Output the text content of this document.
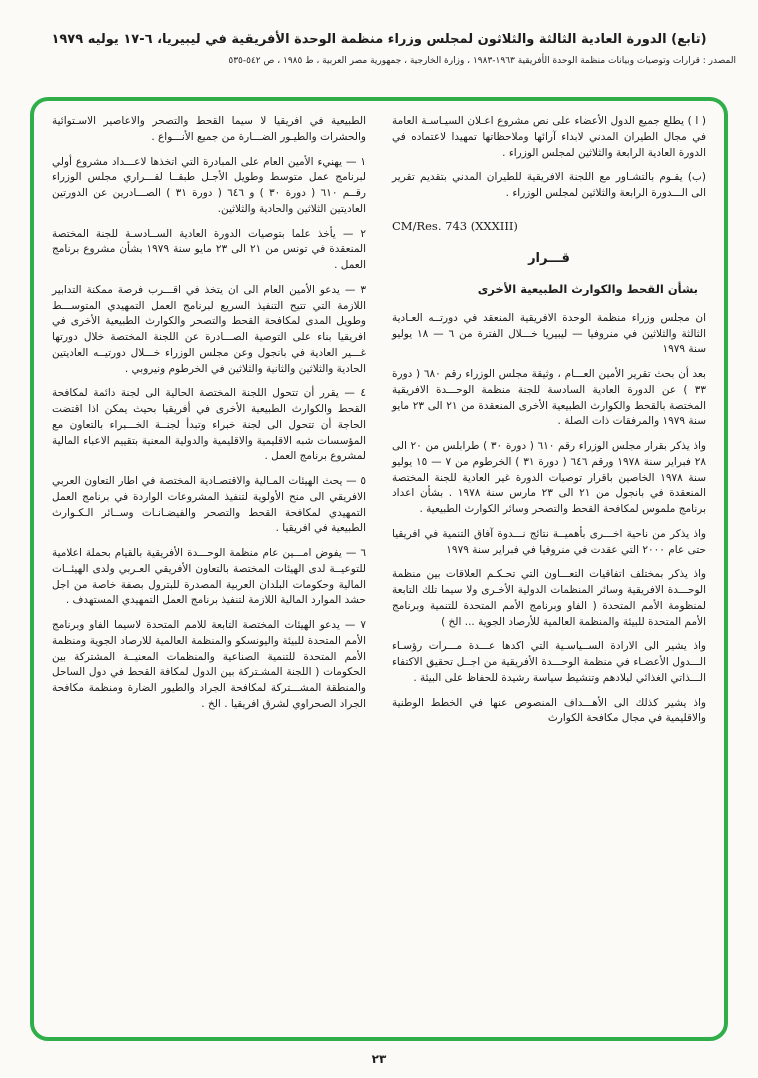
(تابع) الدورة العادية الثالثة والثلاثون لمجلس وزراء منظمة الوحدة الأفريقية في ليبيريا، ٦-١٧ يوليه ١٩٧٩
المصدر : قرارات وتوصيات وبيانات منظمة الوحدة الأفريقية ١٩٦٣-١٩٨٣ ، وزارة الخارجية ، جمهورية مصر العربية ، ط ١٩٨٥ ، ص ٥٤٢-٥٣٥

( ا ) يطلع جميع الدول الأعضاء على نص مشروع اعـلان السيـاسـة العامة في مجال الطيران المدني لابداء آرائها وملاحظاتها تمهيدا لاعتماده في الدورة العادية الرابعة والثلاثين لمجلس الوزراء .

(ب) يقـوم بالتشـاور مع اللجنة الافريقية للطيران المدني بتقديم تقرير الى الـــدورة الرابعة والثلاثين لمجلس الوزراء .

CM/Res. 743 (XXXIII)

قـــرار
بشأن القحط والكوارث الطبيعية الأخرى

ان مجلس وزراء منظمة الوحدة الافريقية المنعقد في دورتــه العـادية الثالثة والثلاثين في منروفيا — ليبيريا خـــلال الفترة من ٦ — ١٨ يوليو سنة ١٩٧٩

بعد أن بحث تقرير الأمين العـــام ، وثيقة مجلس الوزراء رقم ٦٨٠ ( دورة ٣٣ ) عن الدورة العادية السادسة للجنة منظمة الوحـــدة الافريقية المختصة بالقحط والكوارث الطبيعية الأخرى المنعقدة من ٢١ الى ٢٣ مايو سنة ١٩٧٩ والمرفقات ذات الصلة .

واذ يذكر بقرار مجلس الوزراء رقم ٦١٠ ( دورة ٣٠ ) طرابلس من ٢٠ الى ٢٨ فبراير سنة ١٩٧٨ ورقم ٦٤٦ ( دورة ٣١ ) الخرطوم من ٧ — ١٥ يوليو سنة ١٩٧٨ الخاصين باقرار توصيات الدورة غير العادية للجنة المختصة المنعقدة في بانجول من ٢١ الى ٢٣ مارس سنة ١٩٧٨ . بشأن اعداد برنامج ملموس لمكافحة القحط والتصحر وسائر الكوارث الطبيعية .

واذ يذكر من ناحية اخـــرى بأهميــة نتائج نـــدوة آفاق التنمية في افريقيا حتى عام ٢٠٠٠ التي عقدت في منروفيا في فبراير سنة ١٩٧٩

واذ يذكر بمختلف اتفاقيات التعـــاون التي تحـكـم العلاقات بين منظمة الوحـــدة الافريقية وسائر المنظمات الدولية الأخـرى ولا سيما تلك التابعة لمنظومة الأمم المتحدة ( الفاو وبرنامج الأمم المتحدة للتنمية وبرنامج الأمم المتحدة للبيئة والمنظمة العالمية للأرصاد الجوية ... الخ )

واذ يشير الى الارادة الســياسـية التي اكدها عـــدة مـــرات رؤسـاء الـــدول الأعضـاء في منظمة الوحـــدة الأفريقية من اجــل تحقيق الاكتفاء الـــذاتي الغذائي لبلادهم وتنشيط سياسة رشيدة للحفاظ على البيئة .

واذ يشير كذلك الى الأهـــداف المنصوص عنها في الخطط الوطنية والاقليمية في مجال مكافحة الكوارث

الطبيعية في افريقيا لا سيما القحط والتصحر والاعاصير الاسـتوائية والحشرات والطيـور الضـــارة من جميع الأنـــواع .

١ — يهنيء الأمين العام على المبادرة التي اتخذها لاعـــداد مشروع أولي لبرنامج عمل متوسط وطويل الأجـل طبقــا لقـــراري مجلس الوزراء رقــم ٦١٠ ( دورة ٣٠ ) و ٦٤٦ ( دورة ٣١ ) الصـــادرين عن الدورتين العاديتين الثلاثين والحادية والثلاثين.

٢ — يأخذ علما بتوصيات الدورة العادية الســادسـة للجنة المختصة المنعقدة في تونس من ٢١ الى ٢٣ مايو سنة ١٩٧٩ بشأن مشروع برنامج العمل .

٣ — يدعو الأمين العام الى ان يتخذ في اقـــرب فرصة ممكنة التدابير اللازمة التي تتيح التنفيذ السريع لبرنامج العمل التمهيدي المتوســـط وطويل المدى لمكافحة القحط والتصحر والكوارث الطبيعية الأخرى في افريقيا بناء على التوصية الصـــادرة عن اللجنة المختصة خلال دورتها غـــير العادية في بانجول وعن مجلس الوزراء خـــلال دورتيــه العاديتين الحادية والثلاثين والثانية والثلاثين في الخرطوم ونيروبي .

٤ — يقرر أن تتحول اللجنة المختصة الحالية الى لجنة دائمة لمكافحة القحط والكوارث الطبيعية الأخرى في أفريقيا بحيث يمكن اذا اقتضت الحاجة أن تتحول الى لجنة خبراء وتبدأ لجنــة الخـــبراء بالتعاون مع المؤسسات شبه الاقليمية والاقليمية والدولية المعنية بتقييم الاعباء المالية لمشروع برنامج العمل .

٥ — يحث الهيئات المـالية والاقتصـادية المختصة في اطار التعاون العربي الافريقي الى منح الأولوية لتنفيذ المشروعات الواردة في برنامج العمل التمهيدي لمكافحة القحط والتصحر والفيضـانـات وســائر الـكـوارث الطبيعية في افريقيا .

٦ — يفوض امـــين عام منظمة الوحـــدة الأفريقية بالقيام بحملة اعلامية للتوعيــة لدى الهيئات المختصة بالتعاون الأفريقي العـربي ولدى الهيئــات المالية وحكومات البلدان العربية المصدرة للبترول بصفة خاصة من اجل حشد الموارد المالية اللازمة لتنفيذ برنامج العمل التمهيدي المستهدف .

٧ — يدعو الهيئات المختصة التابعة للامم المتحدة لاسيما الفاو وبرنامج الأمم المتحدة للبيئة واليونسكو والمنظمة العالمية للارصاد الجوية ومنظمة الأمم المتحدة للتنمية الصناعية والمنظمات المعنيــة المشتركة بين الحكومات ( اللجنة المشـتركة بين الدول لمكافة القحط في دول الساحل والمنطقة المشـــتركة لمكافحة الجراد والطيور الضارة ومنظمة مكافحة الجراد الصحراوي لشرق افريقيا . الخ .

٢٣
